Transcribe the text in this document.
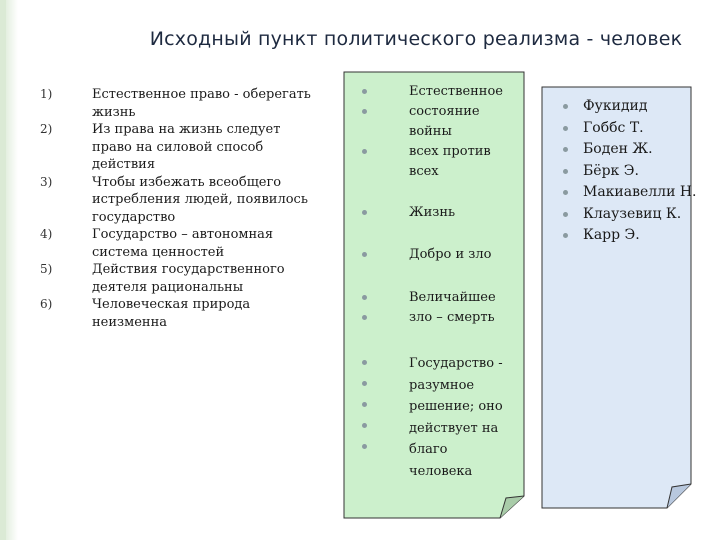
Исходный пункт политического реализма - человек
1)	Естественное право - оберегать жизнь
2)	Из права на жизнь следует право на силовой способ действия
3)	Чтобы избежать всеобщего истребления людей, появилось государство
4)	Государство – автономная система ценностей
5)	Действия государственного деятеля рациональны
6)	Человеческая природа неизменна
Естественное состояние войны
всех против всех
Жизнь
Добро и зло
Величайшее зло – смерть
Государство - разумное решение; оно действует на благо человека
Фукидид
Гоббс Т.
Боден Ж.
Бёрк Э.
Макиавелли Н.
Клаузевиц К.
Карр Э.
